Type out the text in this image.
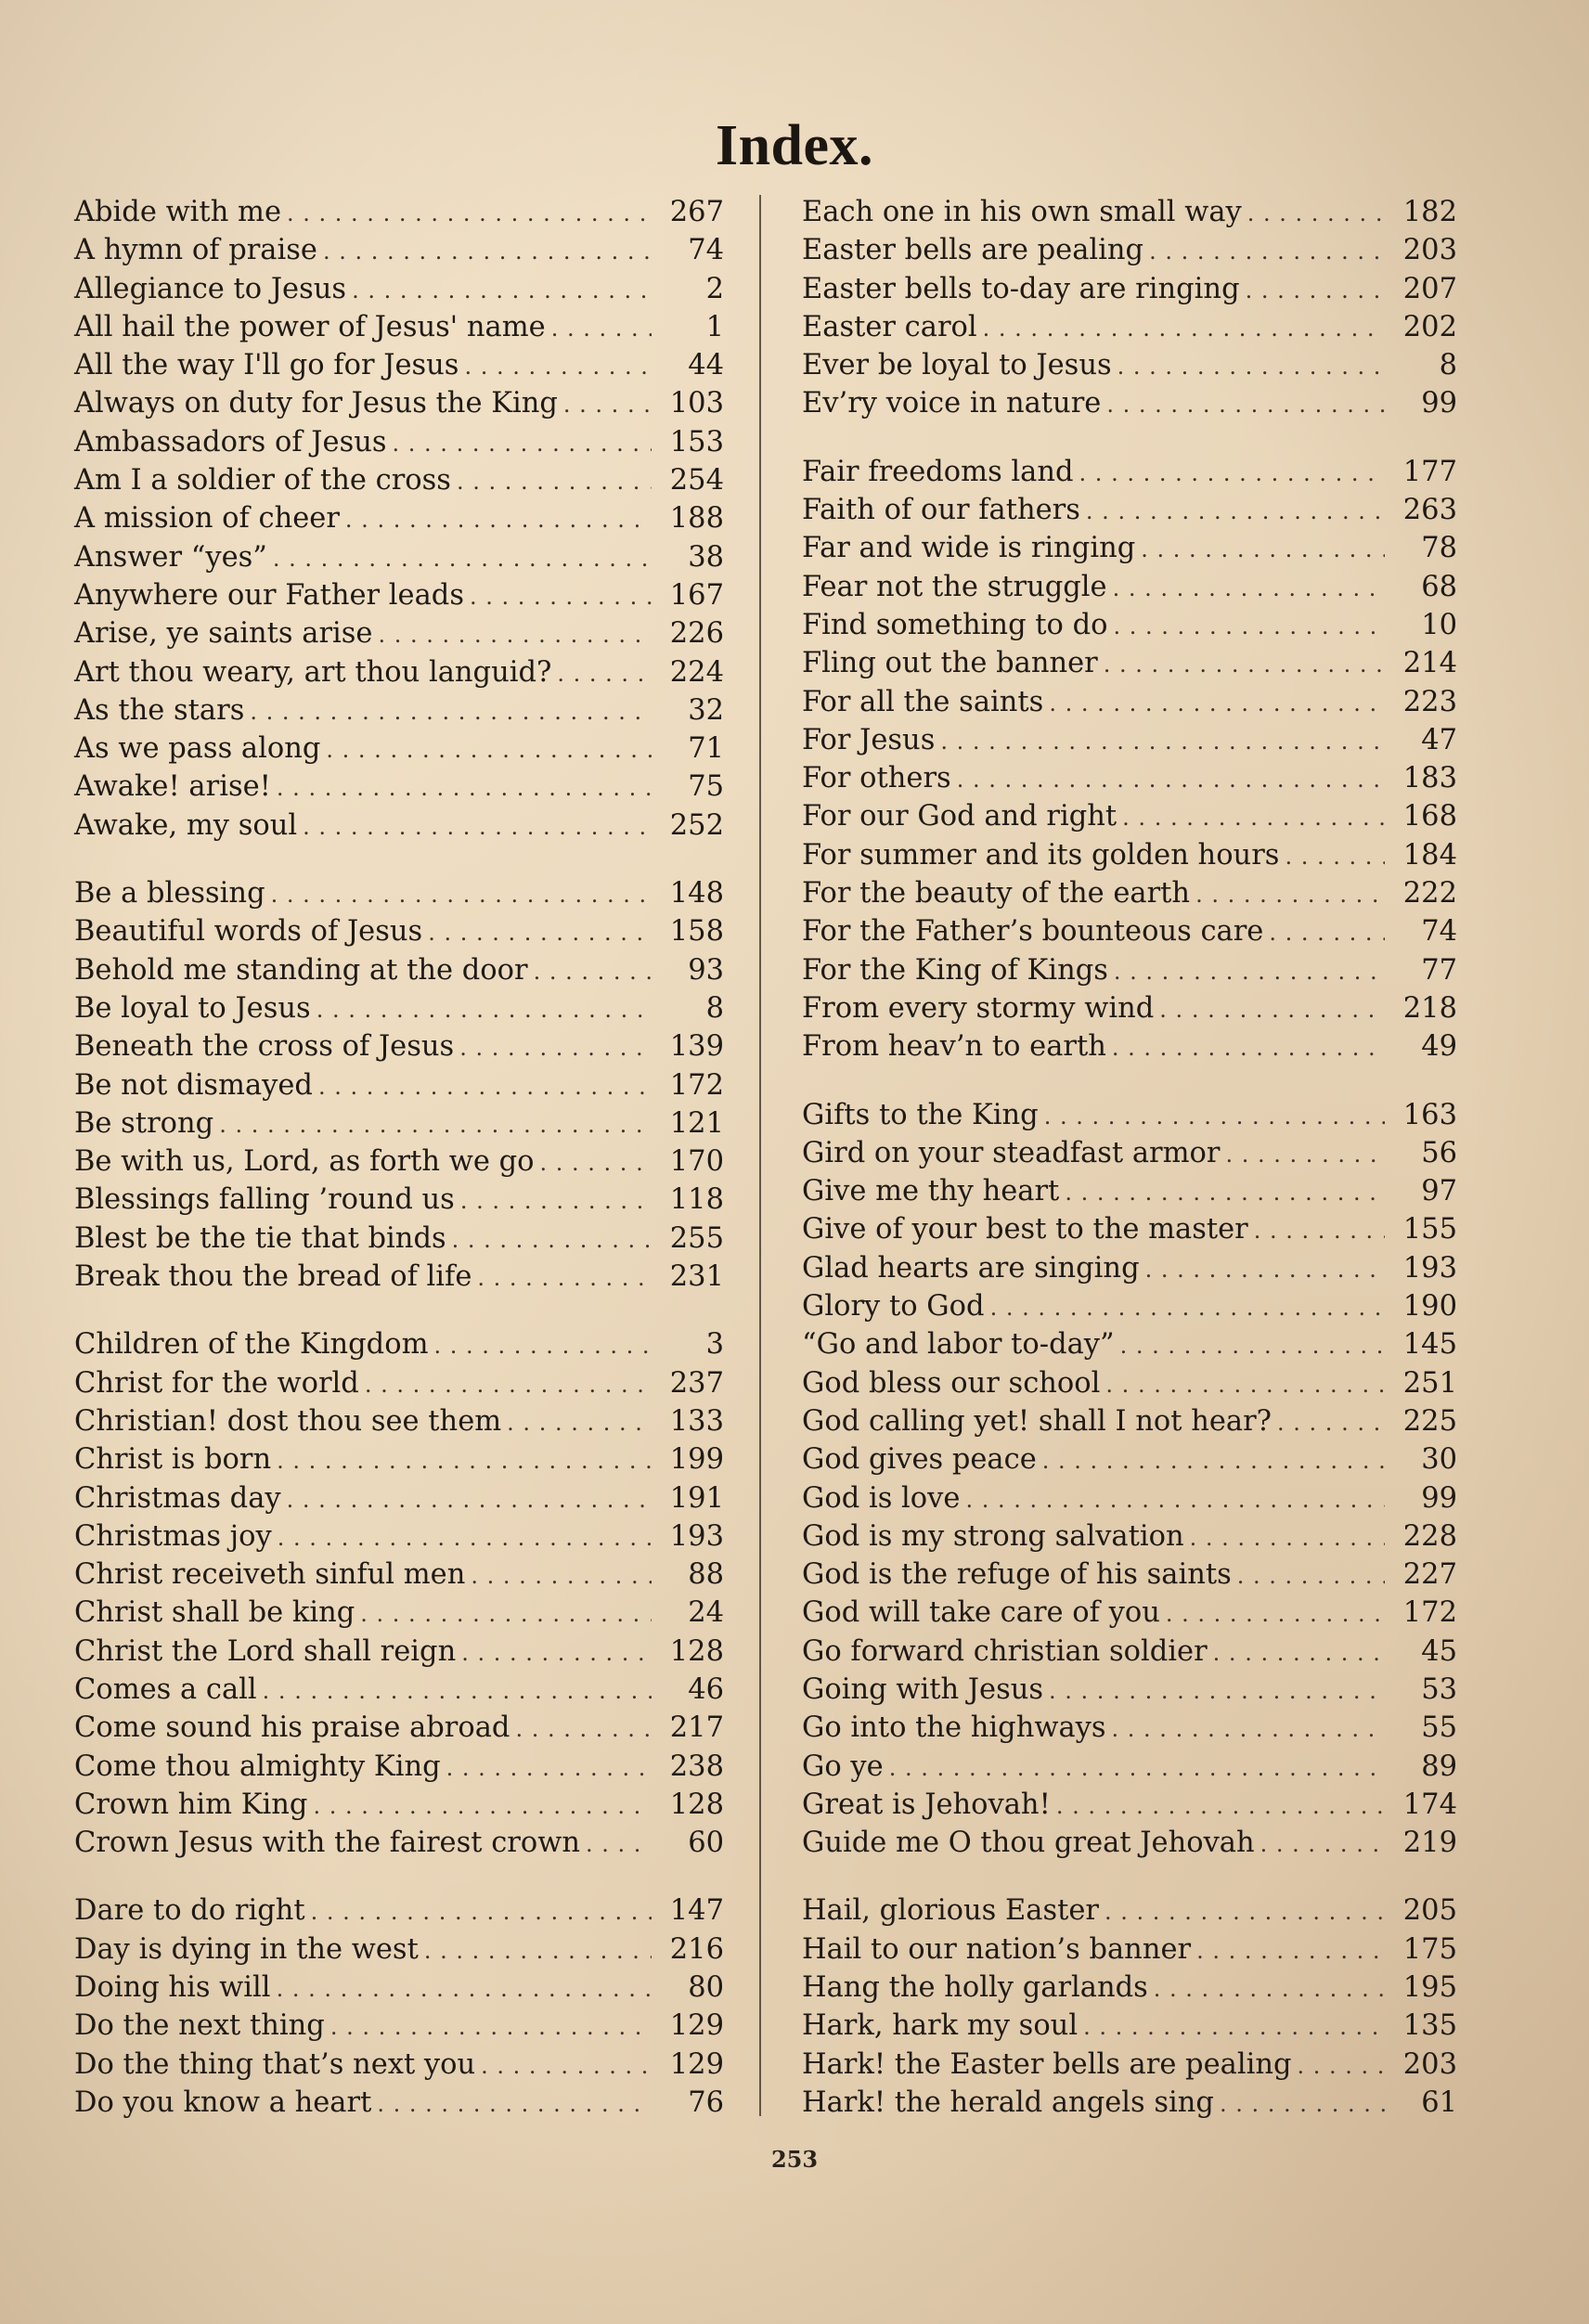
Index.
Abide with me . . .	267
A hymn of praise . . .	74
Allegiance to Jesus . . .	2
All hail the power of Jesus' name . . .	1
All the way I'll go for Jesus . . .	44
Always on duty for Jesus the King . . .	103
Ambassadors of Jesus . . .	153
Am I a soldier of the cross . . .	254
A mission of cheer . . .	188
Answer “yes” . . .	38
Anywhere our Father leads . . .	167
Arise, ye saints arise . . .	226
Art thou weary, art thou languid? . . .	224
As the stars . . .	32
As we pass along . . .	71
Awake! arise! . . .	75
Awake, my soul . . .	252
Be a blessing . . .	148
Beautiful words of Jesus . . .	158
Behold me standing at the door . . .	93
Be loyal to Jesus . . .	8
Beneath the cross of Jesus . . .	139
Be not dismayed . . .	172
Be strong . . .	121
Be with us, Lord, as forth we go . . .	170
Blessings falling ’round us . . .	118
Blest be the tie that binds . . .	255
Break thou the bread of life . . .	231
Children of the Kingdom . . .	3
Christ for the world . . .	237
Christian! dost thou see them . . .	133
Christ is born . . .	199
Christmas day . . .	191
Christmas joy . . .	193
Christ receiveth sinful men . . .	88
Christ shall be king . . .	24
Christ the Lord shall reign . . .	128
Comes a call . . .	46
Come sound his praise abroad . . .	217
Come thou almighty King . . .	238
Crown him King . . .	128
Crown Jesus with the fairest crown . . .	60
Dare to do right . . .	147
Day is dying in the west . . .	216
Doing his will . . .	80
Do the next thing . . .	129
Do the thing that’s next you . . .	129
Do you know a heart . . .	76
Each one in his own small way . . .	182
Easter bells are pealing . . .	203
Easter bells to-day are ringing . . .	207
Easter carol . . .	202
Ever be loyal to Jesus . . .	8
Ev’ry voice in nature . . .	99
Fair freedoms land . . .	177
Faith of our fathers . . .	263
Far and wide is ringing . . .	78
Fear not the struggle . . .	68
Find something to do . . .	10
Fling out the banner . . .	214
For all the saints . . .	223
For Jesus . . .	47
For others . . .	183
For our God and right . . .	168
For summer and its golden hours . . .	184
For the beauty of the earth . . .	222
For the Father’s bounteous care . . .	74
For the King of Kings . . .	77
From every stormy wind . . .	218
From heav’n to earth . . .	49
Gifts to the King . . .	163
Gird on your steadfast armor . . .	56
Give me thy heart . . .	97
Give of your best to the master . . .	155
Glad hearts are singing . . .	193
Glory to God . . .	190
“Go and labor to-day” . . .	145
God bless our school . . .	251
God calling yet! shall I not hear? . . .	225
God gives peace . . .	30
God is love . . .	99
God is my strong salvation . . .	228
God is the refuge of his saints . . .	227
God will take care of you . . .	172
Go forward christian soldier . . .	45
Going with Jesus . . .	53
Go into the highways . . .	55
Go ye . . .	89
Great is Jehovah! . . .	174
Guide me O thou great Jehovah . . .	219
Hail, glorious Easter . . .	205
Hail to our nation’s banner . . .	175
Hang the holly garlands . . .	195
Hark, hark my soul . . .	135
Hark! the Easter bells are pealing . . .	203
Hark! the herald angels sing . . .	61
253
